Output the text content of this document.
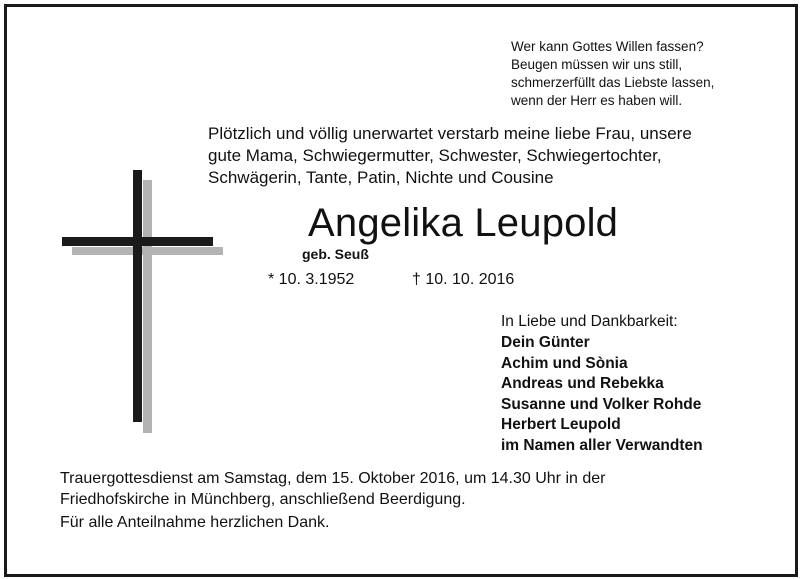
Wer kann Gottes Willen fassen?
Beugen müssen wir uns still,
schmerzerfüllt das Liebste lassen,
wenn der Herr es haben will.
Plötzlich und völlig unerwartet verstarb meine liebe Frau, unsere
gute Mama, Schwiegermutter, Schwester, Schwiegertochter,
Schwägerin, Tante, Patin, Nichte und Cousine
Angelika Leupold
geb. Seuß
* 10. 3.1952	† 10. 10. 2016
In Liebe und Dankbarkeit:
Dein Günter
Achim und Sònia
Andreas und Rebekka
Susanne und Volker Rohde
Herbert Leupold
im Namen aller Verwandten
Trauergottesdienst am Samstag, dem 15. Oktober 2016, um 14.30 Uhr in der
Friedhofskirche in Münchberg, anschließend Beerdigung.
Für alle Anteilnahme herzlichen Dank.
